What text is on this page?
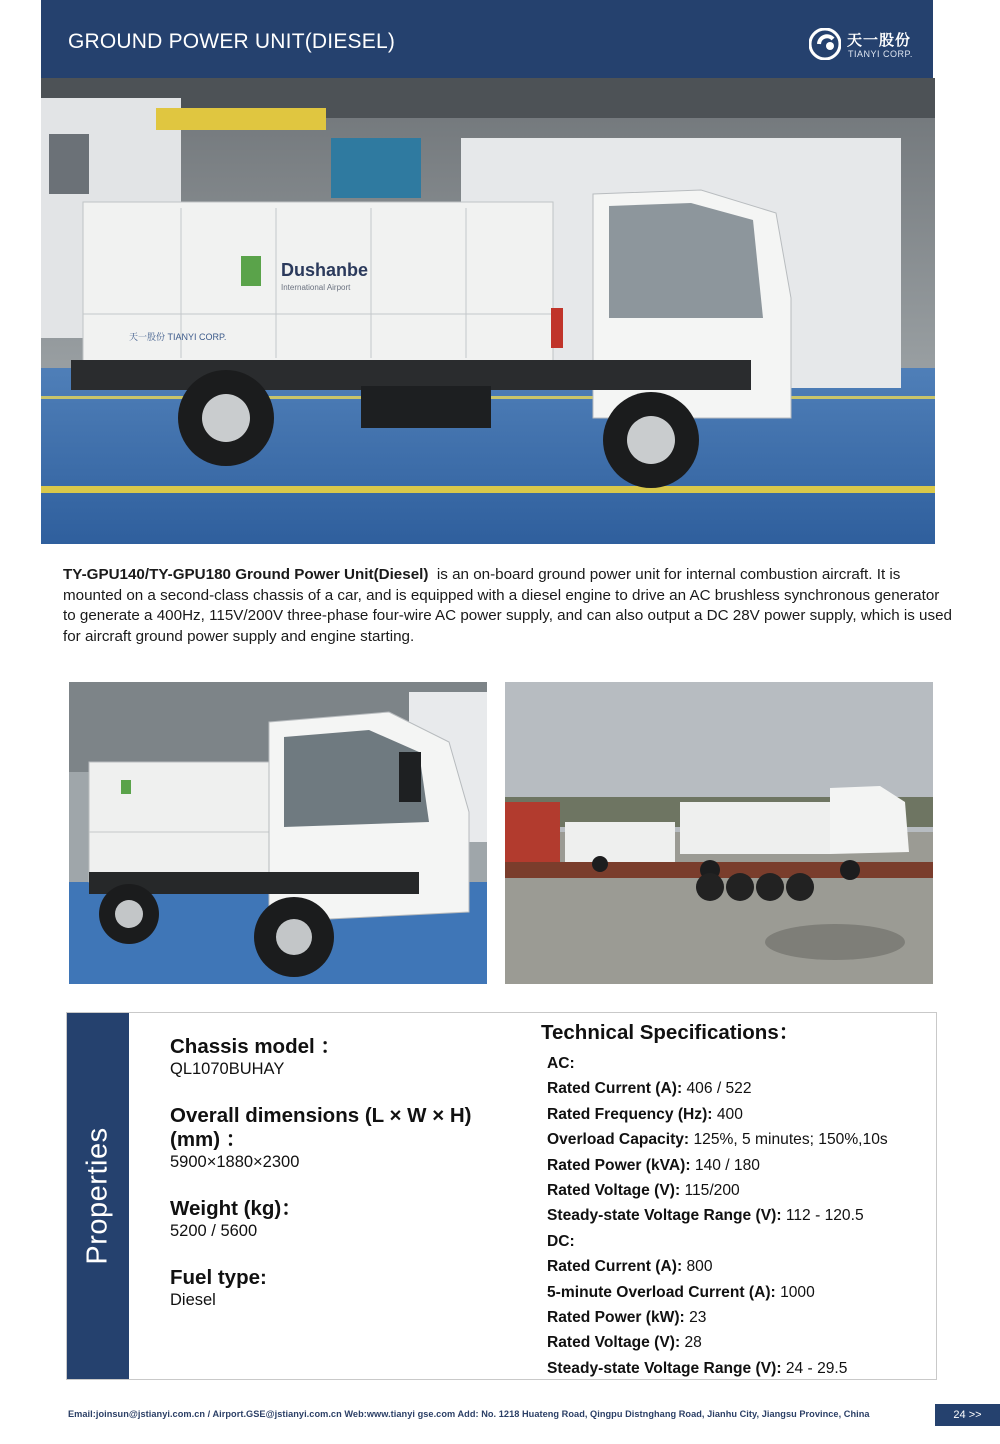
GROUND POWER UNIT(DIESEL)	天一股份
TIANYI CORP.
Dushanbe
International Airport
天一股份 TIANYI CORP.
TY-GPU140/TY-GPU180 Ground Power Unit(Diesel) is an on-board ground power unit for internal combustion aircraft. It is mounted on a second-class chassis of a car, and is equipped with a diesel engine to drive an AC brushless synchronous generator to generate a 400Hz, 115V/200V three-phase four-wire AC power supply, and can also output a DC 28V power supply, which is used for aircraft ground power supply and engine starting.
Properties
Chassis model ：
QL1070BUHAY
Overall dimensions (L × W × H) (mm) ：
5900×1880×2300
Weight (kg)：
5200 / 5600
Fuel type:
Diesel
Technical Specifications：
AC:
Rated Current (A): 406 / 522
Rated Frequency (Hz): 400
Overload Capacity: 125%, 5 minutes; 150%,10s
Rated Power (kVA): 140 / 180
Rated Voltage (V): 115/200
Steady-state Voltage Range (V): 112 - 120.5
DC:
Rated Current (A): 800
5-minute Overload Current (A): 1000
Rated Power (kW): 23
Rated Voltage (V): 28
Steady-state Voltage Range (V): 24 - 29.5
Email:joinsun@jstianyi.com.cn / Airport.GSE@jstianyi.com.cn Web:www.tianyi gse.com Add: No. 1218 Huateng Road, Qingpu Distnghang Road, Jianhu City, Jiangsu Province, China	24 >>
